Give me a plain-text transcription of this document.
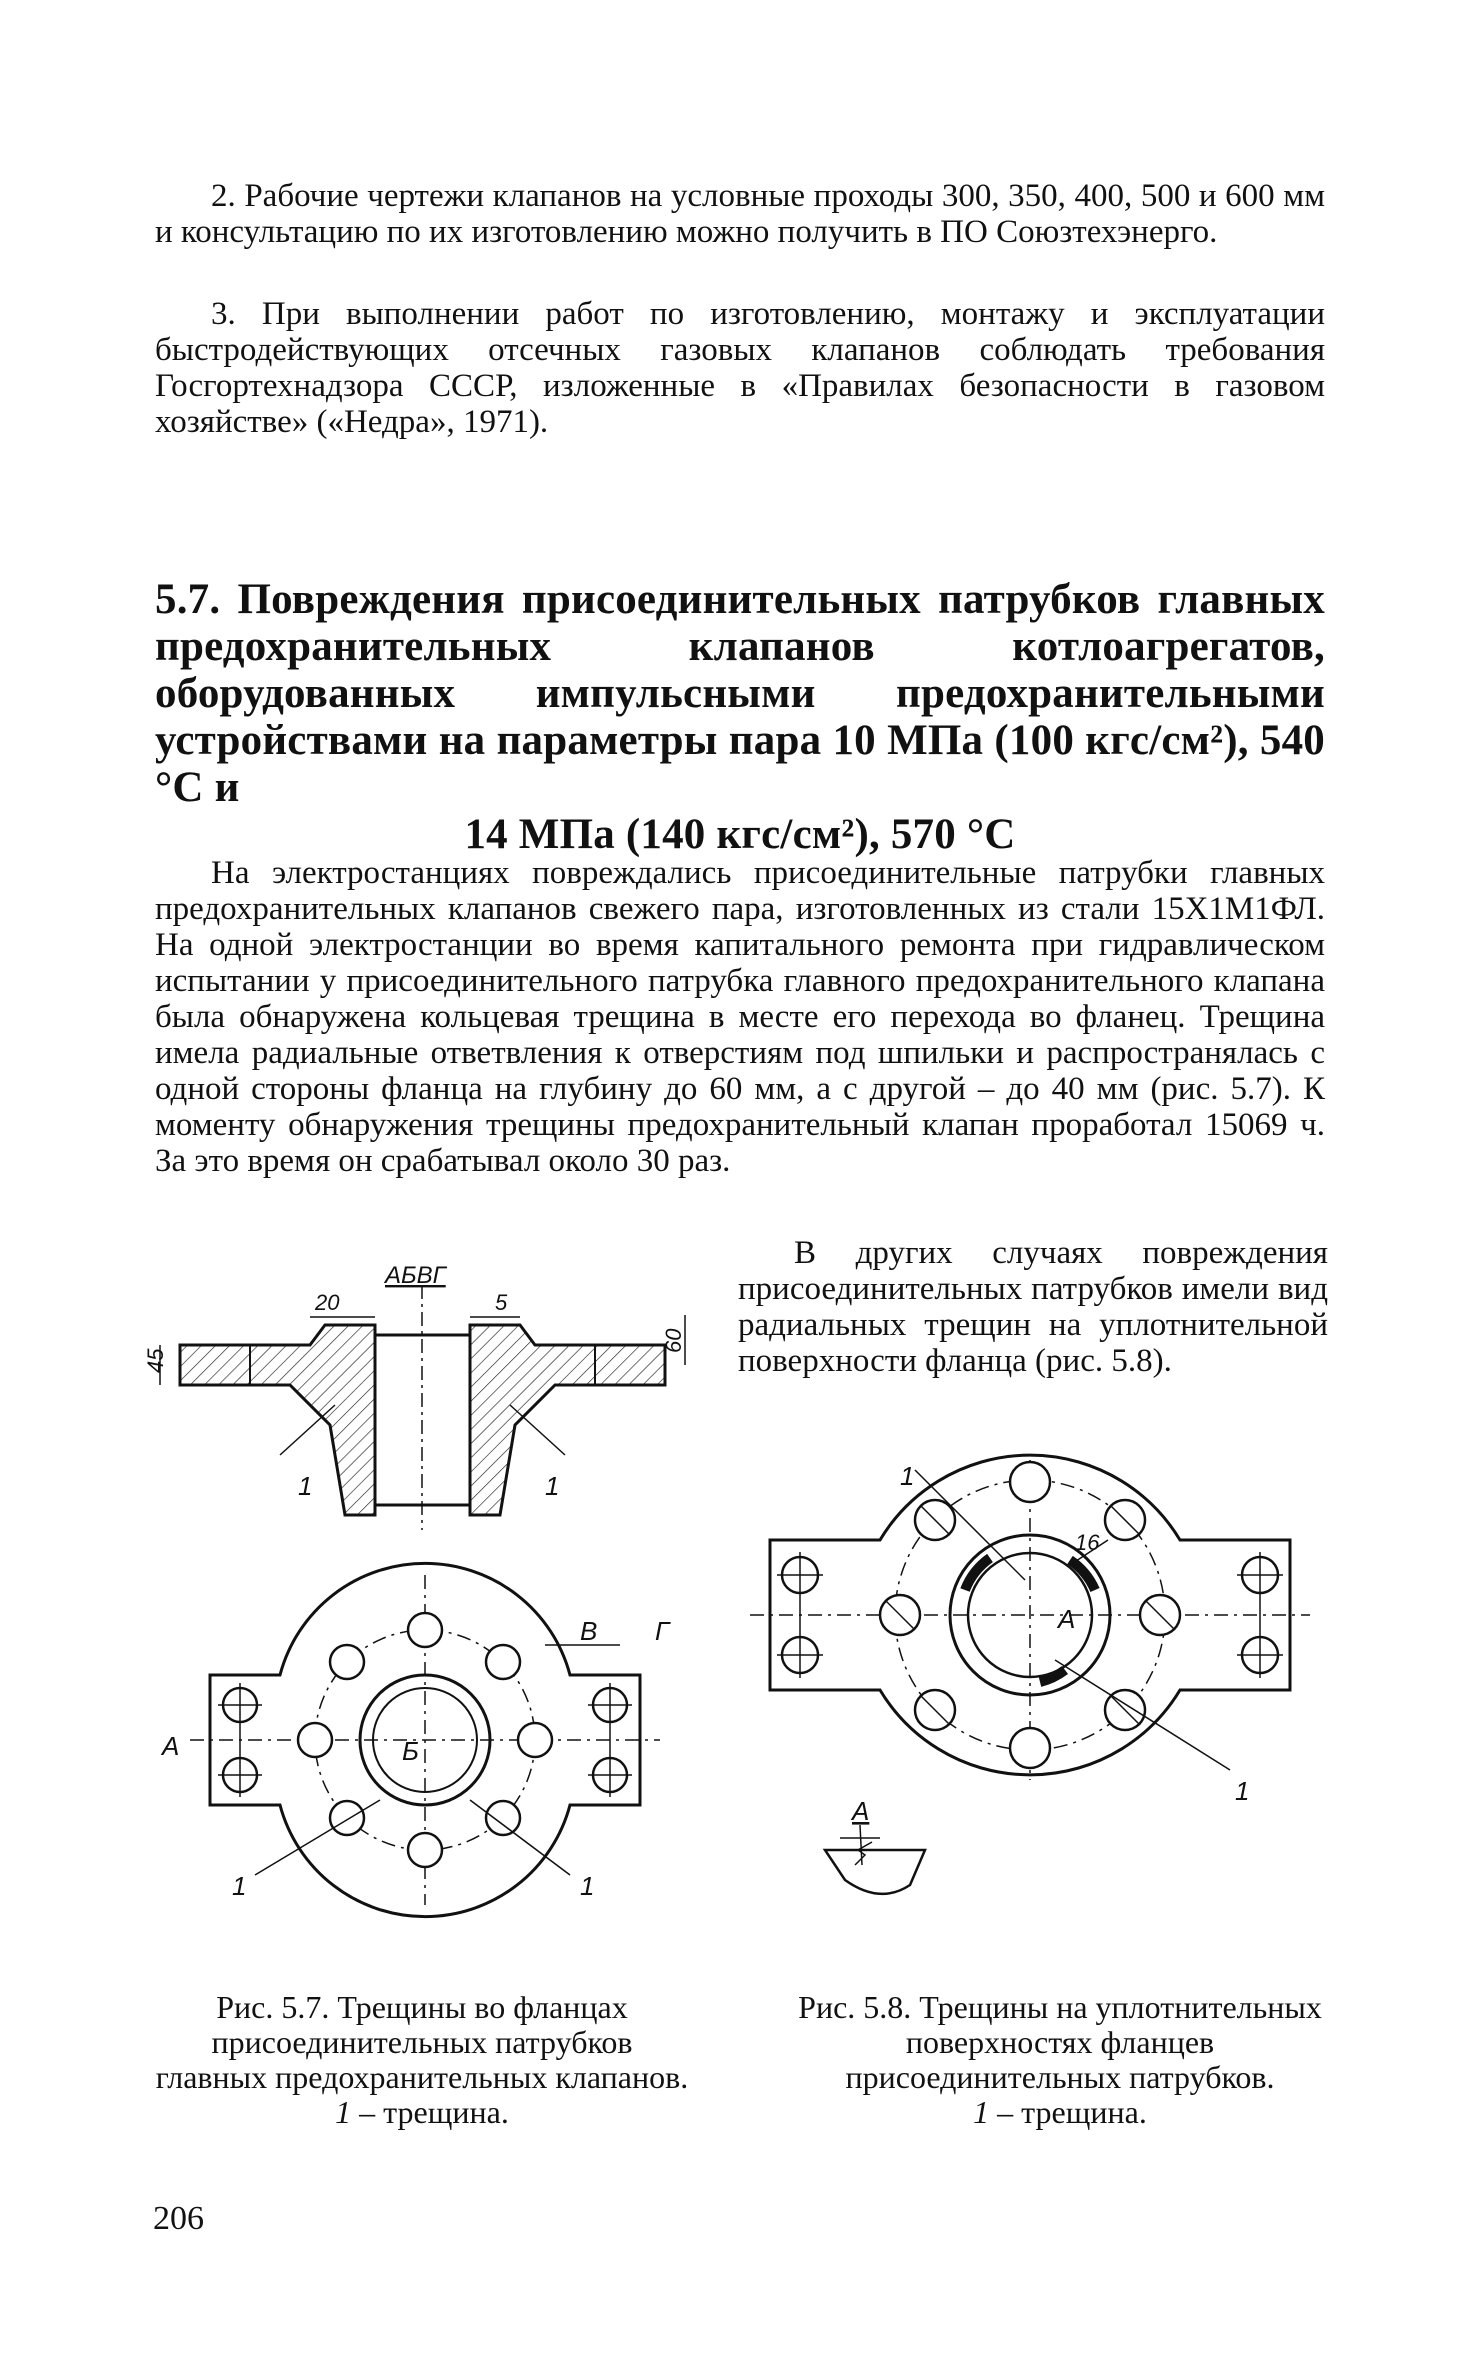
2. Рабочие чертежи клапанов на условные проходы 300, 350, 400, 500 и 600 мм и консультацию по их изготовлению можно получить в ПО Союзтехэнерго.

3. При выполнении работ по изготовлению, монтажу и эксплуатации быстродействующих отсечных газовых клапанов соблюдать требования Госгортехнадзора СССР, изложенные в «Правилах безопасности в газовом хозяйстве» («Недра», 1971).

5.7. Повреждения присоединительных патрубков главных предохранительных клапанов котлоагрегатов, оборудованных импульсными предохранительными устройствами на параметры пара 10 МПа (100 кгс/см²), 540 °С и
14 МПа (140 кгс/см²), 570 °С

На электростанциях повреждались присоединительные патрубки главных предохранительных клапанов свежего пара, изготовленных из стали 15Х1М1ФЛ. На одной электростанции во время капитального ремонта при гидравлическом испытании у присоединительного патрубка главного предохранительного клапана была обнаружена кольцевая трещина в месте его перехода во фланец. Трещина имела радиальные ответвления к отверстиям под шпильки и распространялась с одной стороны фланца на глубину до 60 мм, а с другой – до 40 мм (рис. 5.7). К моменту обнаружения трещины предохранительный клапан проработал 15069 ч. За это время он срабатывал около 30 раз.

В других случаях повреждения присоединительных патрубков имели вид радиальных трещин на уплотнительной поверхности фланца (рис. 5.8).

АБВГ
20	5
45
60
1	1
А	Б
В Г
1	1
16
1
1
А
А

Рис. 5.7. Трещины во фланцах присоединительных патрубков главных предохранительных клапанов.
1 – трещина.

Рис. 5.8. Трещины на уплотнительных поверхностях фланцев присоединительных патрубков.
1 – трещина.

206
